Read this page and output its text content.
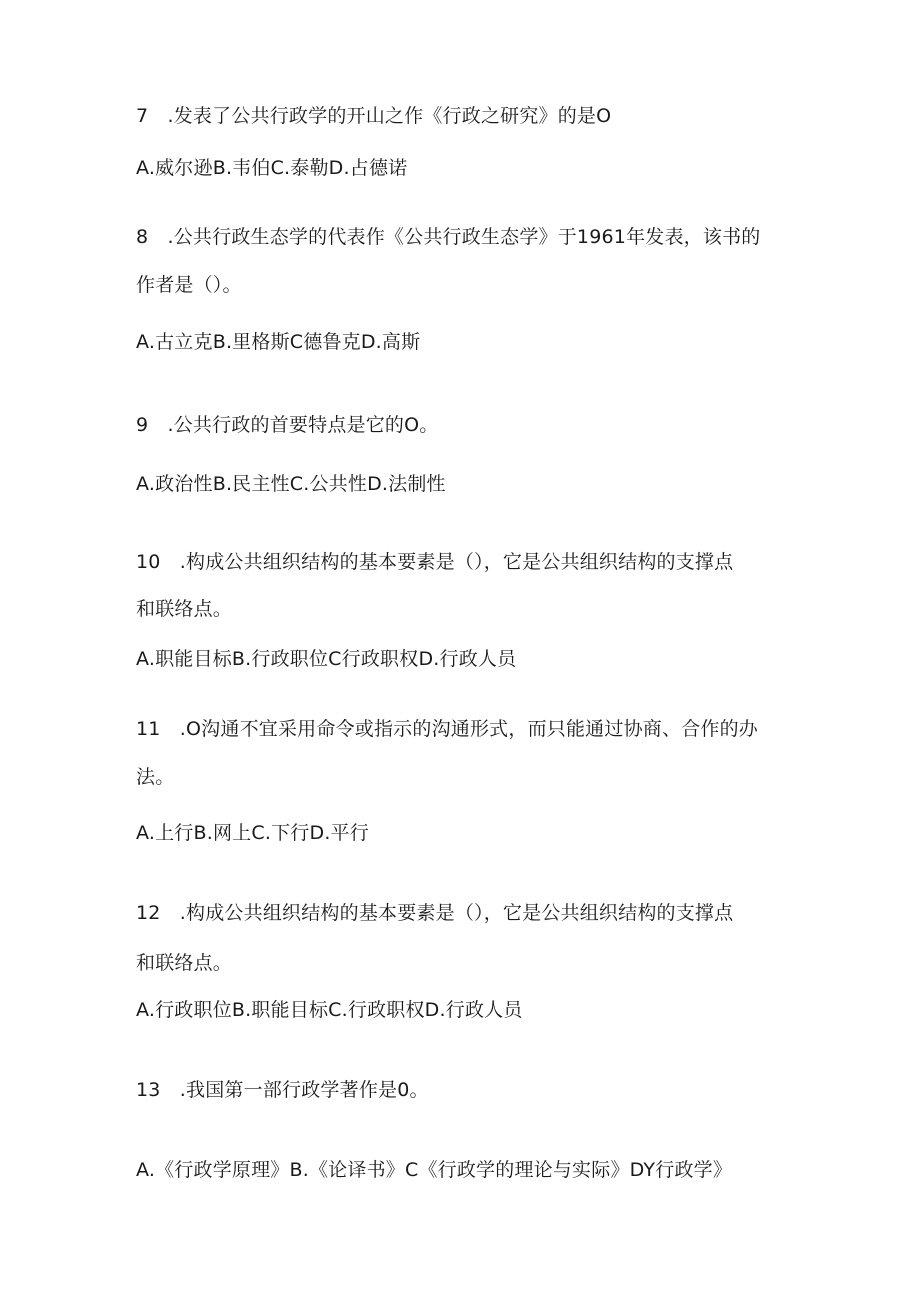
7　.发表了公共行政学的开山之作《行政之研究》的是O
A.威尔逊B.韦伯C.泰勒D.占德诺
8　.公共行政生态学的代表作《公共行政生态学》于1961年发表，该书的
作者是（）。
A.古立克B.里格斯C德鲁克D.高斯
9　.公共行政的首要特点是它的O。
A.政治性B.民主性C.公共性D.法制性
10　.构成公共组织结构的基本要素是（），它是公共组织结构的支撑点
和联络点。
A.职能目标B.行政职位C行政职权D.行政人员
11　.O沟通不宜采用命令或指示的沟通形式，而只能通过协商、合作的办
法。
A.上行B.网上C.下行D.平行
12　.构成公共组织结构的基本要素是（），它是公共组织结构的支撑点
和联络点。
A.行政职位B.职能目标C.行政职权D.行政人员
13　.我国第一部行政学著作是0。
A.《行政学原理》B.《论译书》C《行政学的理论与实际》DY行政学》
